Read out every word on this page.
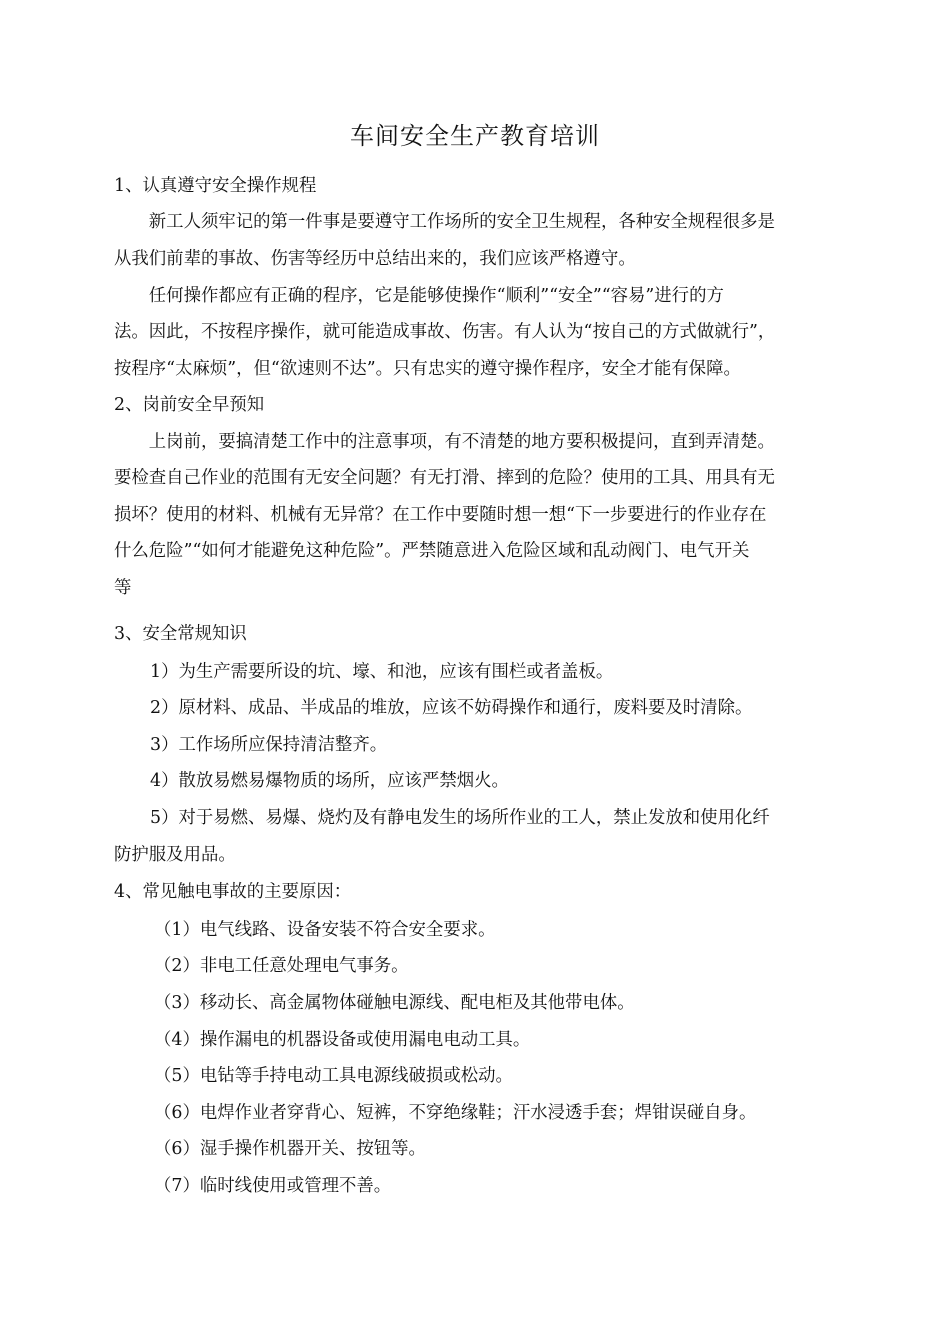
车间安全生产教育培训
1、认真遵守安全操作规程
　　新工人须牢记的第一件事是要遵守工作场所的安全卫生规程，各种安全规程很多是
从我们前辈的事故、伤害等经历中总结出来的，我们应该严格遵守。
　　任何操作都应有正确的程序，它是能够使操作“顺利”“安全”“容易”进行的方
法。因此，不按程序操作，就可能造成事故、伤害。有人认为“按自己的方式做就行”，
按程序“太麻烦”，但“欲速则不达”。只有忠实的遵守操作程序，安全才能有保障。
2、岗前安全早预知
　　上岗前，要搞清楚工作中的注意事项，有不清楚的地方要积极提问，直到弄清楚。
要检查自己作业的范围有无安全问题？有无打滑、摔到的危险？使用的工具、用具有无
损坏？使用的材料、机械有无异常？在工作中要随时想一想“下一步要进行的作业存在
什么危险”“如何才能避免这种危险”。严禁随意进入危险区域和乱动阀门、电气开关
等
3、安全常规知识
1）为生产需要所设的坑、壕、和池，应该有围栏或者盖板。
2）原材料、成品、半成品的堆放，应该不妨碍操作和通行，废料要及时清除。
3）工作场所应保持清洁整齐。
4）散放易燃易爆物质的场所，应该严禁烟火。
5）对于易燃、易爆、烧灼及有静电发生的场所作业的工人，禁止发放和使用化纤
防护服及用品。
4、常见触电事故的主要原因：
（1）电气线路、设备安装不符合安全要求。
（2）非电工任意处理电气事务。
（3）移动长、高金属物体碰触电源线、配电柜及其他带电体。
（4）操作漏电的机器设备或使用漏电电动工具。
（5）电钻等手持电动工具电源线破损或松动。
（6）电焊作业者穿背心、短裤，不穿绝缘鞋；汗水浸透手套；焊钳误碰自身。
（6）湿手操作机器开关、按钮等。
（7）临时线使用或管理不善。
